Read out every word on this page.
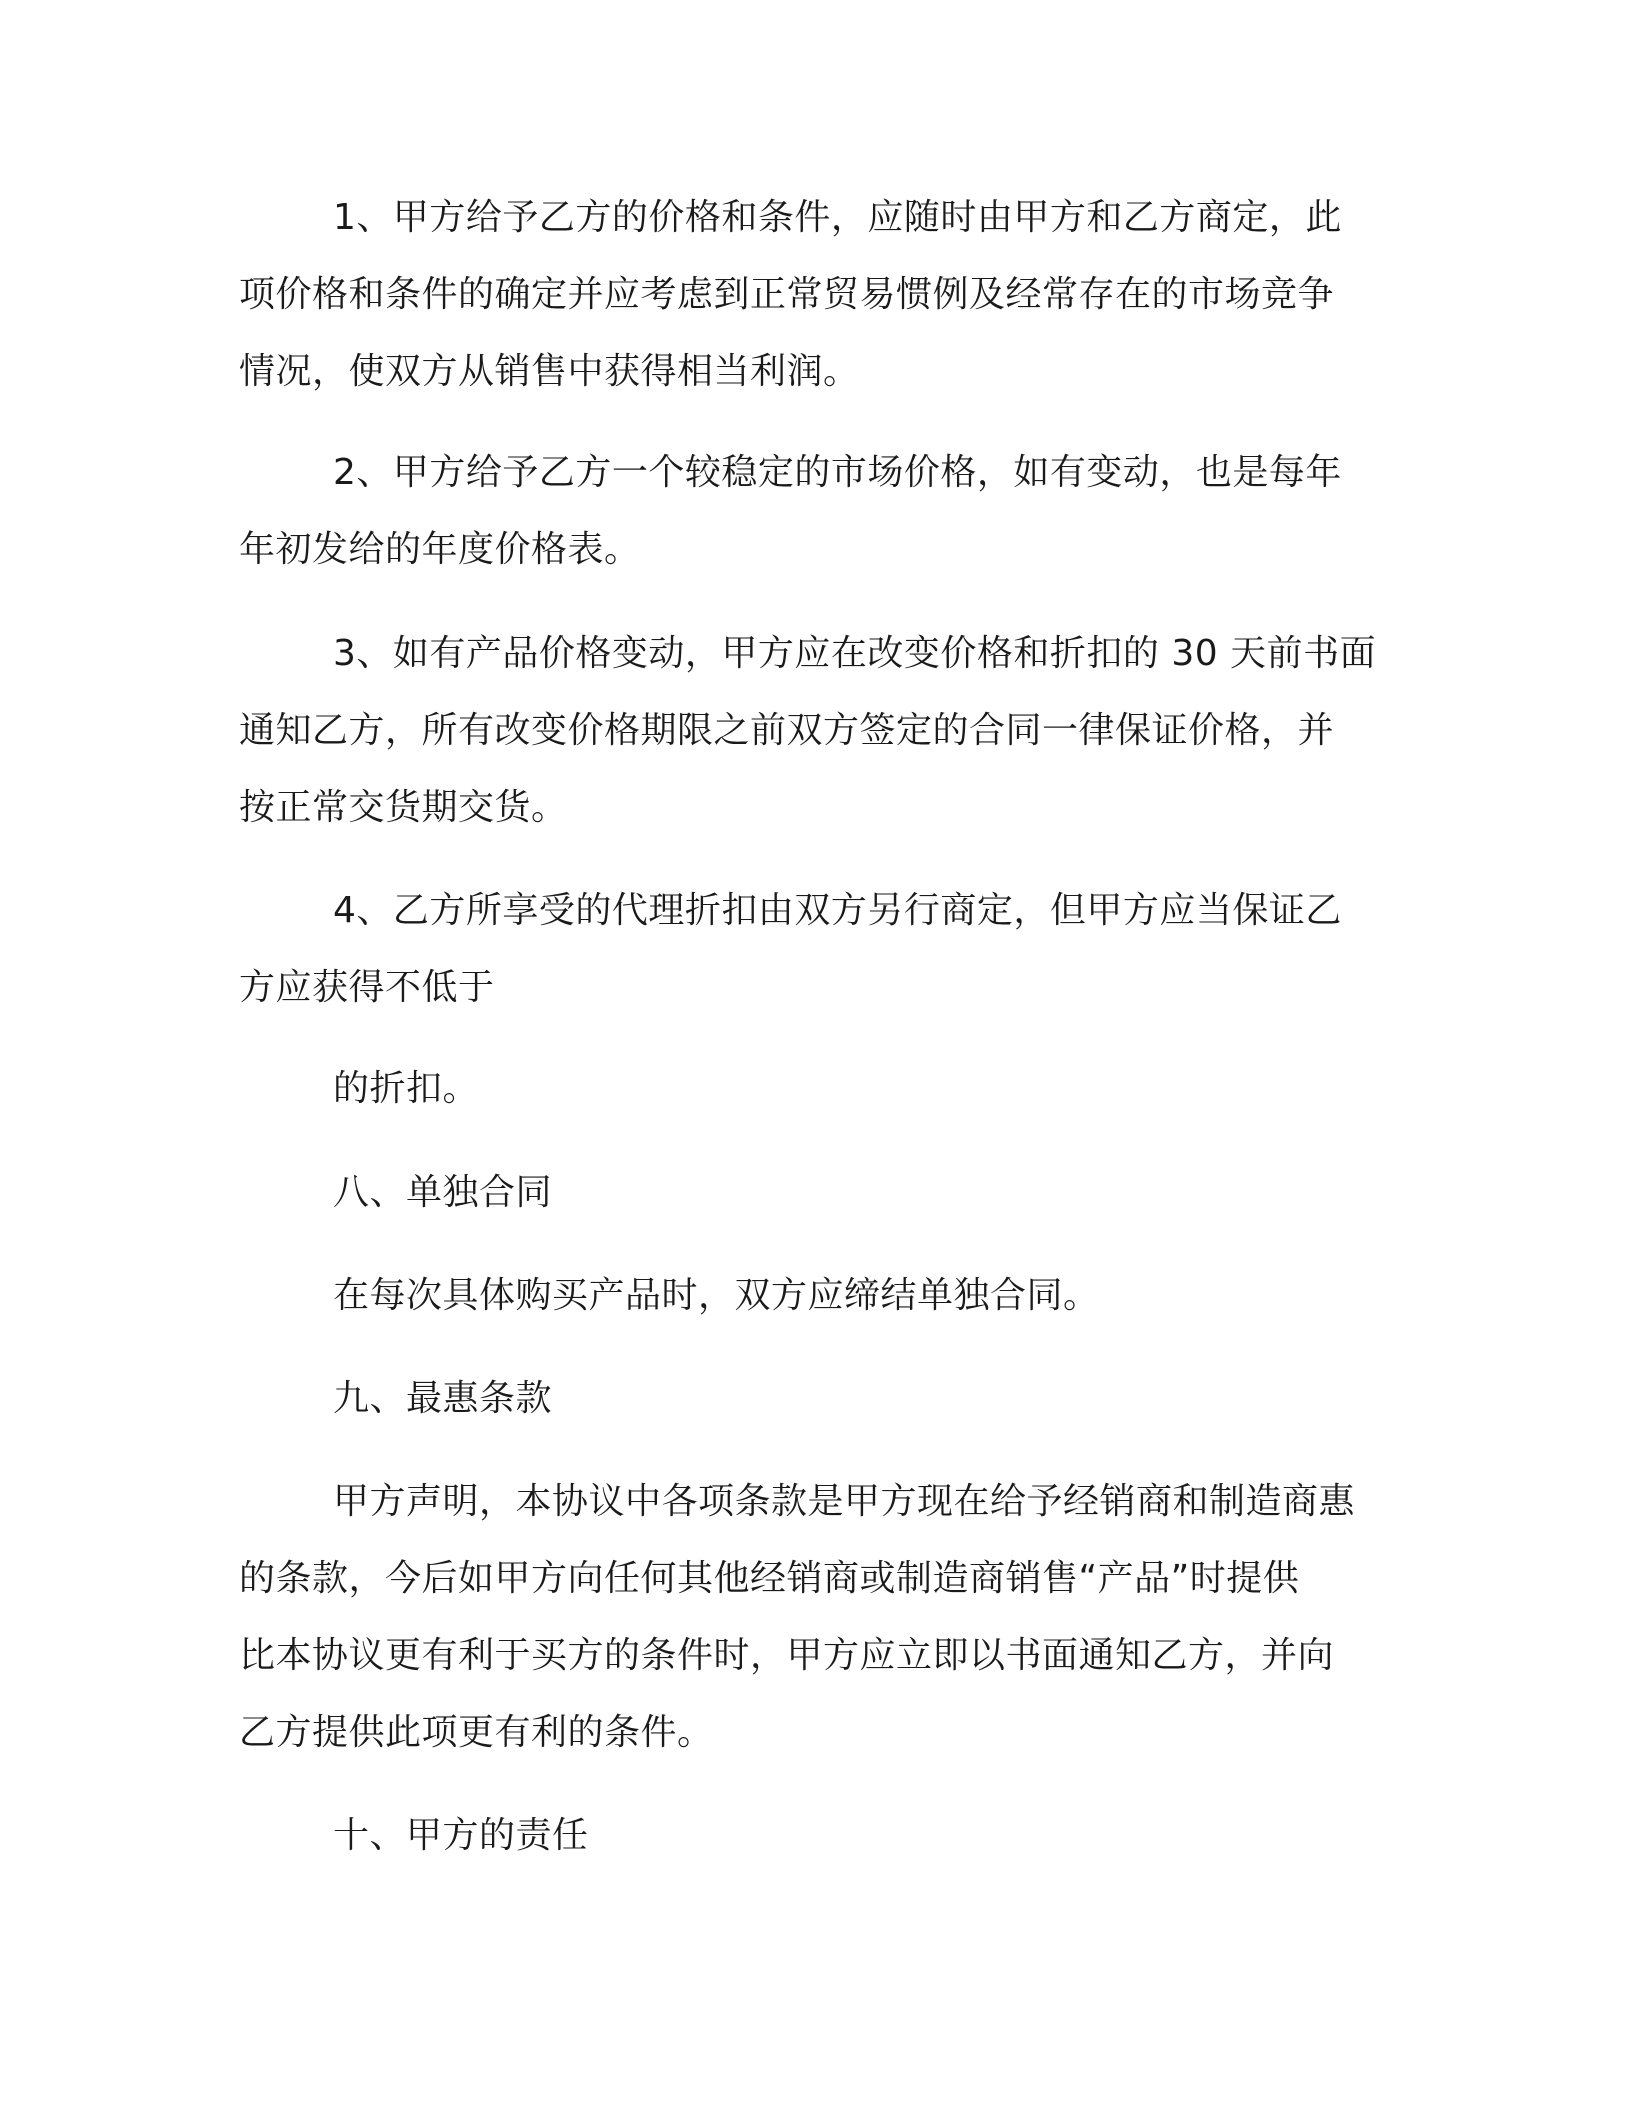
1、甲方给予乙方的价格和条件，应随时由甲方和乙方商定，此

项价格和条件的确定并应考虑到正常贸易惯例及经常存在的市场竞争

情况，使双方从销售中获得相当利润。

2、甲方给予乙方一个较稳定的市场价格，如有变动，也是每年

年初发给的年度价格表。

3、如有产品价格变动，甲方应在改变价格和折扣的 30 天前书面

通知乙方，所有改变价格期限之前双方签定的合同一律保证价格，并

按正常交货期交货。

4、乙方所享受的代理折扣由双方另行商定，但甲方应当保证乙

方应获得不低于

的折扣。

八、单独合同

在每次具体购买产品时，双方应缔结单独合同。

九、最惠条款

甲方声明，本协议中各项条款是甲方现在给予经销商和制造商惠

的条款，今后如甲方向任何其他经销商或制造商销售“产品”时提供

比本协议更有利于买方的条件时，甲方应立即以书面通知乙方，并向

乙方提供此项更有利的条件。

十、甲方的责任
